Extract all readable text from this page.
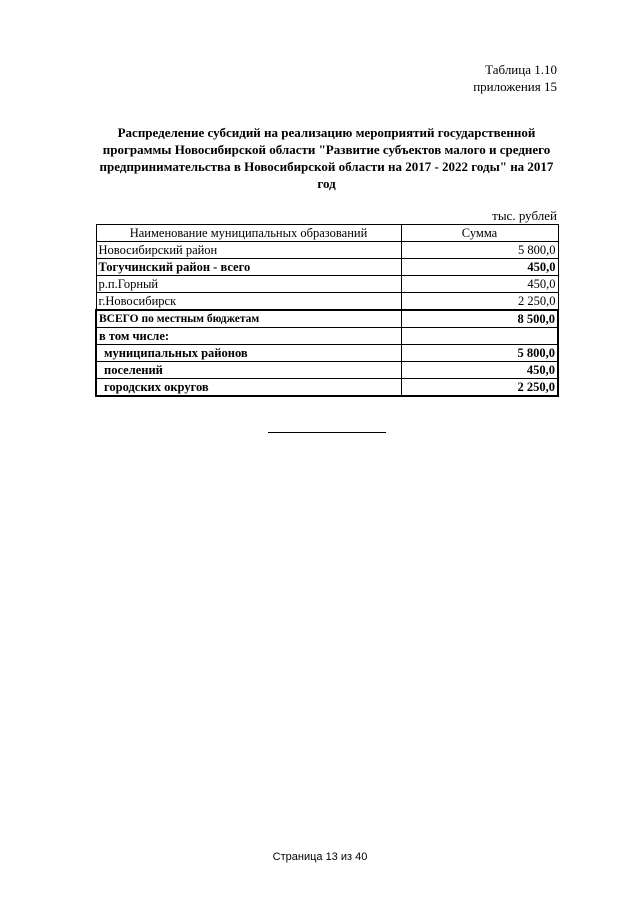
Таблица 1.10
приложения 15
Распределение субсидий на реализацию мероприятий государственной программы Новосибирской области "Развитие субъектов малого и среднего предпринимательства в Новосибирской области на 2017 - 2022 годы" на 2017 год
тыс. рублей
Наименование муниципальных образований	Сумма
Новосибирский район	5 800,0
Тогучинский район - всего	450,0
р.п.Горный	450,0
г.Новосибирск	2 250,0
ВСЕГО по местным бюджетам	8 500,0
в том числе:	
муниципальных районов	5 800,0
поселений	450,0
городских округов	2 250,0
Страница 13 из 40
